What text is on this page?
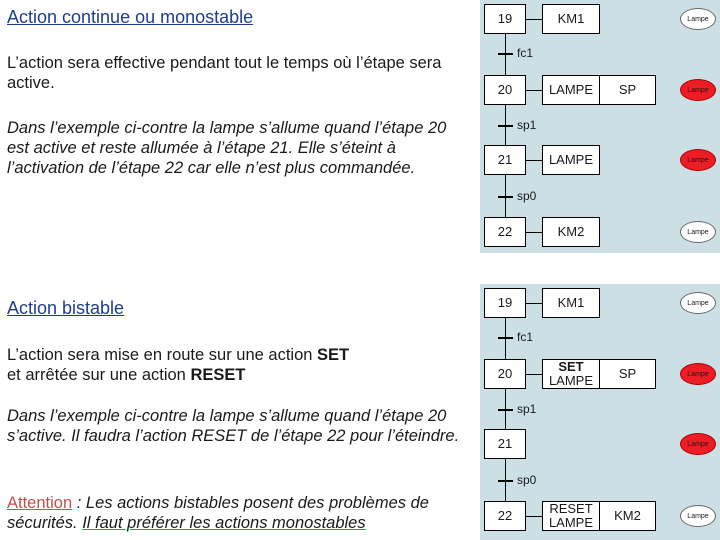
Action continue ou monostable
L’action sera effective pendant tout le temps où l’étape sera active.
Dans l’exemple ci-contre la lampe s’allume quand l’étape 20 est active et reste allumée à l’étape 21. Elle s’éteint à l’activation de l’étape 22 car elle n’est plus commandée.
19
20
21
22
fc1
sp1
sp0
KM1
LAMPE	SP
LAMPE
KM2
Lampe
Lampe
Lampe
Lampe
Action bistable
L’action sera mise en route sur une action SET
et arrêtée sur une action RESET
Dans l’exemple ci-contre la lampe s’allume quand l’étape 20 s’active. Il faudra l’action RESET de l’étape 22 pour l’éteindre.
Attention : Les actions bistables posent des problèmes de sécurités. Il faut préférer les actions monostables
19
20
21
22
fc1
sp1
sp0
KM1
SET
LAMPE	SP
RESET
LAMPE	KM2
Lampe
Lampe
Lampe
Lampe
